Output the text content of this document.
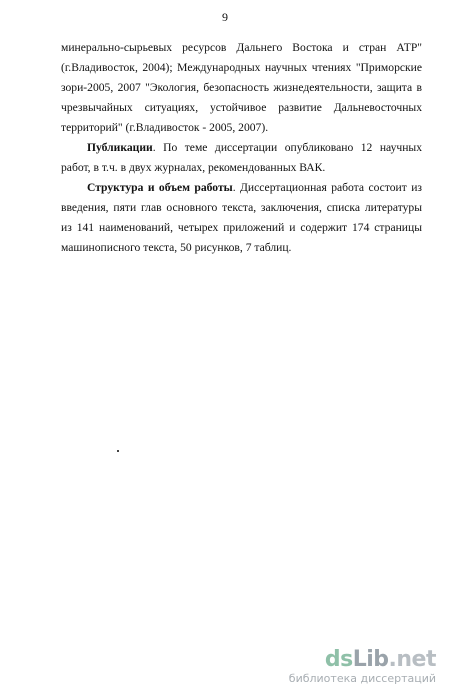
9

минерально-сырьевых ресурсов Дальнего Востока и стран АТР" (г.Владивосток, 2004); Международных научных чтениях "Приморские зори-2005, 2007 "Экология, безопасность жизнедеятельности, защита в чрезвычайных ситуациях, устойчивое развитие Дальневосточных территорий" (г.Владивосток - 2005, 2007).

Публикации. По теме диссертации опубликовано 12 научных работ, в т.ч. в двух журналах, рекомендованных ВАК.

Структура и объем работы. Диссертационная работа состоит из введения, пяти глав основного текста, заключения, списка литературы из 141 наименований, четырех приложений и содержит 174 страницы машинописного текста, 50 рисунков, 7 таблиц.

dsLib.net
библиотека диссертаций
